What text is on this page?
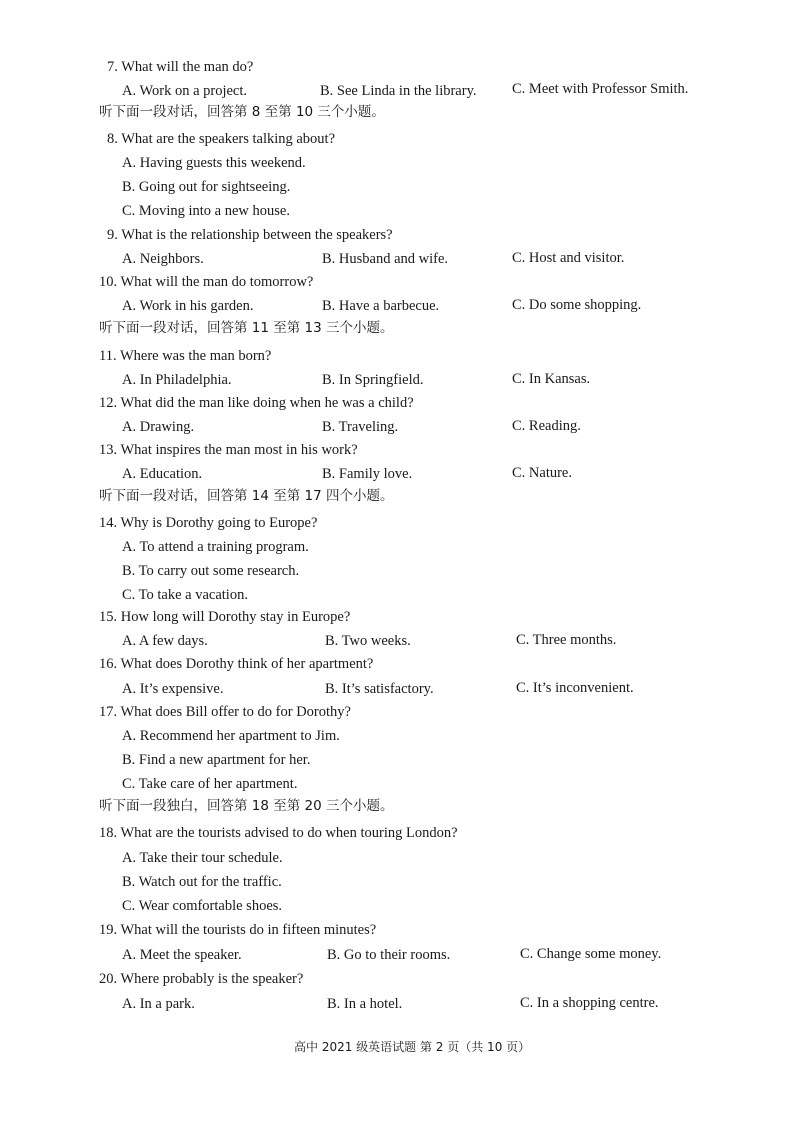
7. What will the man do?
A. Work on a project.	B. See Linda in the library. C. Meet with Professor Smith.
听下面一段对话，回答第 8 至第 10 三个小题。
8. What are the speakers talking about?
A. Having guests this weekend.
B. Going out for sightseeing.
C. Moving into a new house.
9. What is the relationship between the speakers?
A. Neighbors.	B. Husband and wife.	C. Host and visitor.
10. What will the man do tomorrow?
A. Work in his garden.	B. Have a barbecue.	C. Do some shopping.
听下面一段对话，回答第 11 至第 13 三个小题。
11. Where was the man born?
A. In Philadelphia.	B. In Springfield.	C. In Kansas.
12. What did the man like doing when he was a child?
A. Drawing.	B. Traveling.	C. Reading.
13. What inspires the man most in his work?
A. Education.	B. Family love.	C. Nature.
听下面一段对话，回答第 14 至第 17 四个小题。
14. Why is Dorothy going to Europe?
A. To attend a training program.
B. To carry out some research.
C. To take a vacation.
15. How long will Dorothy stay in Europe?
A. A few days.	B. Two weeks.	C. Three months.
16. What does Dorothy think of her apartment?
A. It’s expensive.	B. It’s satisfactory.	C. It’s inconvenient.
17. What does Bill offer to do for Dorothy?
A. Recommend her apartment to Jim.
B. Find a new apartment for her.
C. Take care of her apartment.
听下面一段独白，回答第 18 至第 20 三个小题。
18. What are the tourists advised to do when touring London?
A. Take their tour schedule.
B. Watch out for the traffic.
C. Wear comfortable shoes.
19. What will the tourists do in fifteen minutes?
A. Meet the speaker.	B. Go to their rooms.	C. Change some money.
20. Where probably is the speaker?
A. In a park.	B. In a hotel.	C. In a shopping centre.
高中 2021 级英语试题 第 2 页（共 10 页）
